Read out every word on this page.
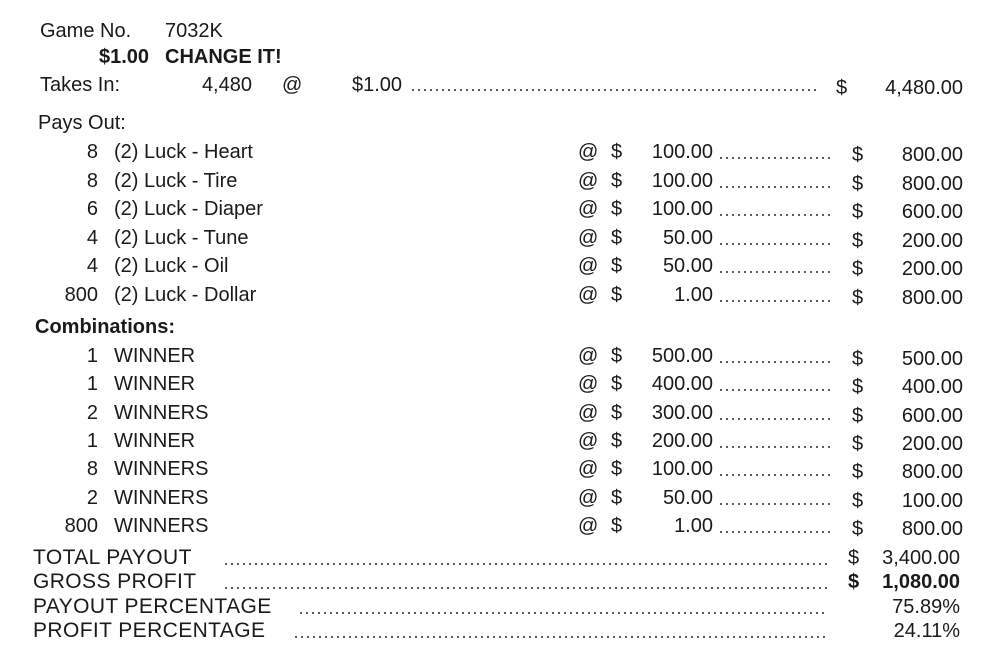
Game No. 7032K
$1.00 CHANGE IT!
Takes In:	4,480 @ $1.00	$	4,480.00
Pays Out:
8 (2) Luck - Heart	@ $	100.00	$	800.00
8 (2) Luck - Tire	@ $	100.00	$	800.00
6 (2) Luck - Diaper	@ $	100.00	$	600.00
4 (2) Luck - Tune	@ $	50.00	$	200.00
4 (2) Luck - Oil	@ $	50.00	$	200.00
800 (2) Luck - Dollar	@ $	1.00	$	800.00
Combinations:
1 WINNER	@ $	500.00	$	500.00
1 WINNER	@ $	400.00	$	400.00
2 WINNERS	@ $	300.00	$	600.00
1 WINNER	@ $	200.00	$	200.00
8 WINNERS	@ $	100.00	$	800.00
2 WINNERS	@ $	50.00	$	100.00
800 WINNERS	@ $	1.00	$	800.00
TOTAL PAYOUT	$	3,400.00
GROSS PROFIT	$	1,080.00
PAYOUT PERCENTAGE	75.89%
PROFIT PERCENTAGE	24.11%
